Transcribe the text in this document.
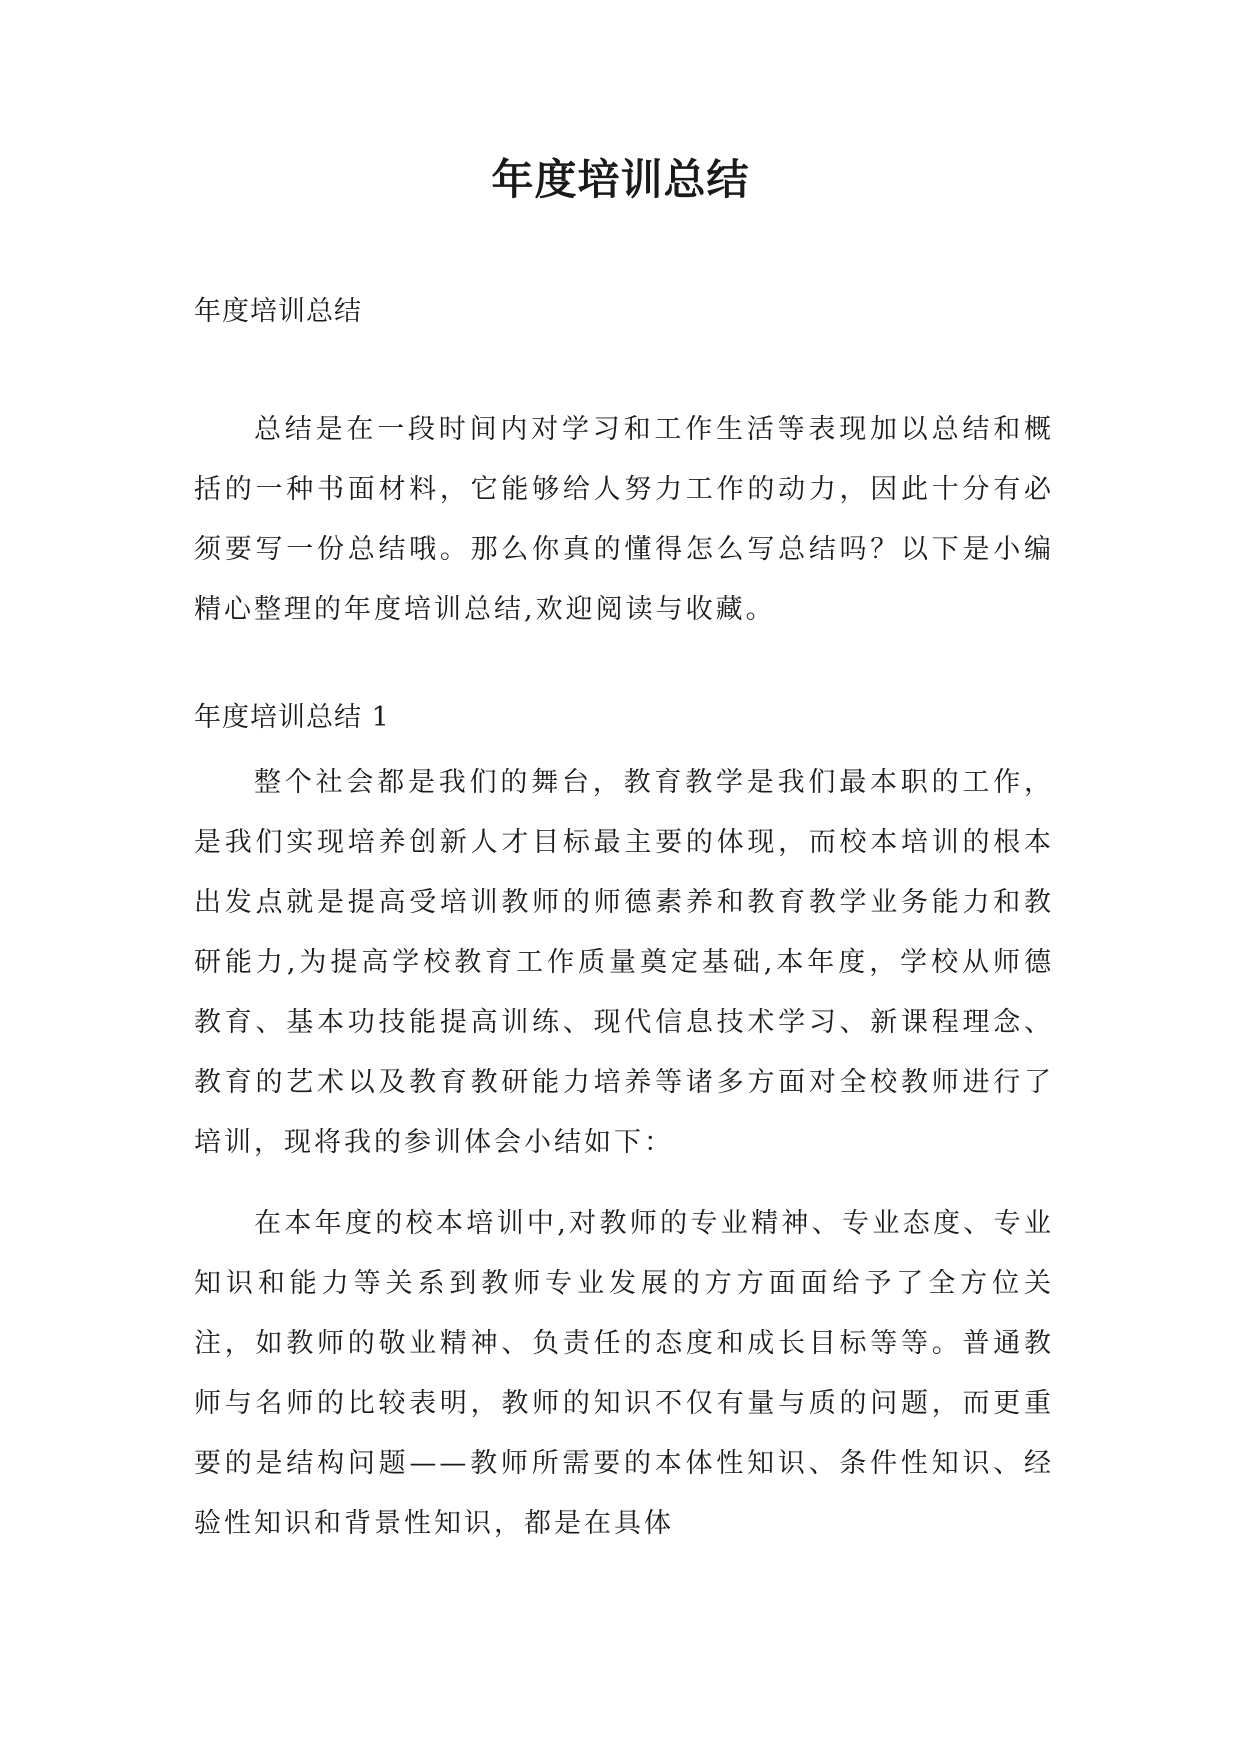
年度培训总结

年度培训总结

总结是在一段时间内对学习和工作生活等表现加以总结和概括的一种书面材料，它能够给人努力工作的动力，因此十分有必须要写一份总结哦。那么你真的懂得怎么写总结吗？以下是小编精心整理的年度培训总结,欢迎阅读与收藏。

年度培训总结 1

整个社会都是我们的舞台，教育教学是我们最本职的工作，是我们实现培养创新人才目标最主要的体现，而校本培训的根本出发点就是提高受培训教师的师德素养和教育教学业务能力和教研能力,为提高学校教育工作质量奠定基础,本年度，学校从师德教育、基本功技能提高训练、现代信息技术学习、新课程理念、教育的艺术以及教育教研能力培养等诸多方面对全校教师进行了培训，现将我的参训体会小结如下：

在本年度的校本培训中,对教师的专业精神、专业态度、专业知识和能力等关系到教师专业发展的方方面面给予了全方位关注，如教师的敬业精神、负责任的态度和成长目标等等。普通教师与名师的比较表明，教师的知识不仅有量与质的问题，而更重要的是结构问题——教师所需要的本体性知识、条件性知识、经验性知识和背景性知识，都是在具体
